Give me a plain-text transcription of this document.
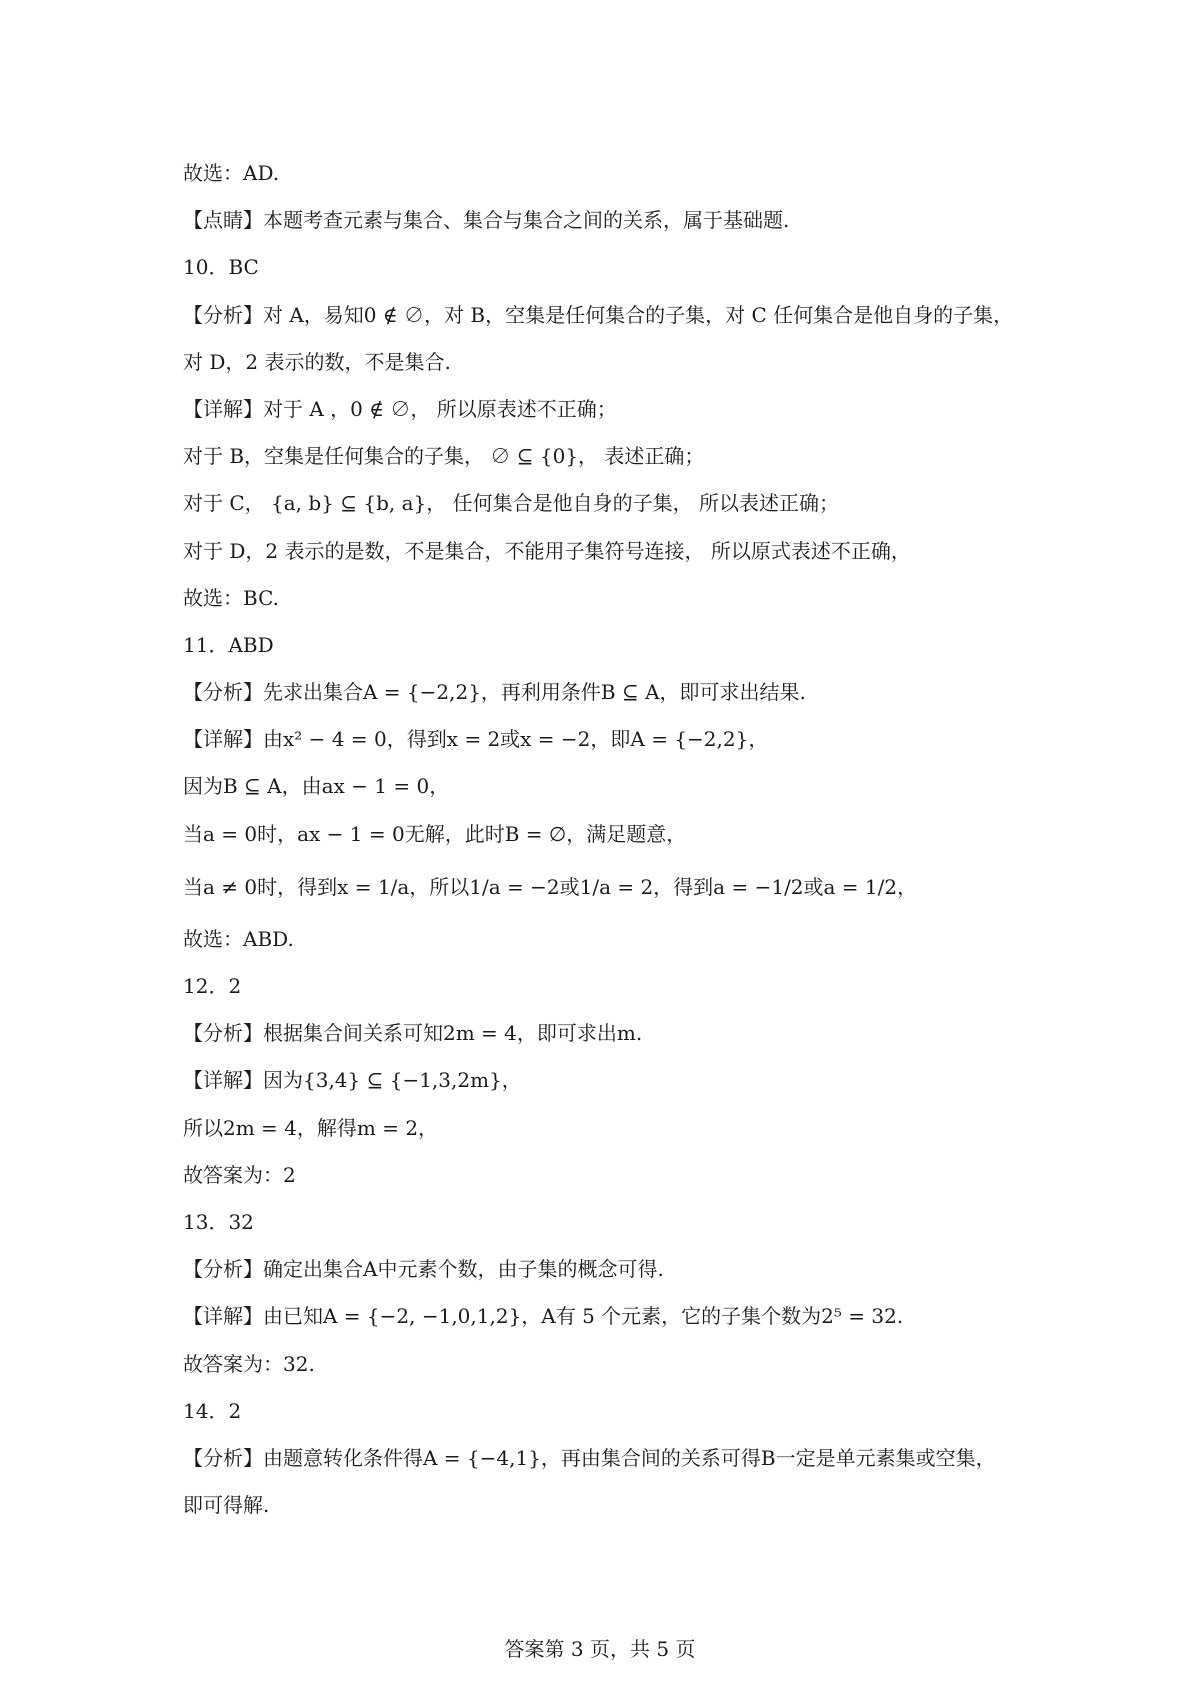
故选：AD.
【点睛】本题考查元素与集合、集合与集合之间的关系，属于基础题.
10．BC
【分析】对 A，易知0 ∉ ∅，对 B，空集是任何集合的子集，对 C 任何集合是他自身的子集，
对 D，2 表示的数，不是集合.
【详解】对于 A ，0 ∉ ∅， 所以原表述不正确；
对于 B，空集是任何集合的子集， ∅ ⊆ {0}， 表述正确；
对于 C， {a, b} ⊆ {b, a}， 任何集合是他自身的子集， 所以表述正确；
对于 D，2 表示的是数，不是集合，不能用子集符号连接， 所以原式表述不正确，
故选：BC.
11．ABD
【分析】先求出集合A = {−2,2}，再利用条件B ⊆ A，即可求出结果.
【详解】由x² − 4 = 0，得到x = 2或x = −2，即A = {−2,2}，
因为B ⊆ A，由ax − 1 = 0，
当a = 0时，ax − 1 = 0无解，此时B = ∅，满足题意，
当a ≠ 0时，得到x = 1/a，所以1/a = −2或1/a = 2，得到a = −1/2或a = 1/2，
故选：ABD.
12．2
【分析】根据集合间关系可知2m = 4，即可求出m.
【详解】因为{3,4} ⊆ {−1,3,2m}，
所以2m = 4，解得m = 2，
故答案为：2
13．32
【分析】确定出集合A中元素个数，由子集的概念可得.
【详解】由已知A = {−2, −1,0,1,2}，A有 5 个元素，它的子集个数为2⁵ = 32.
故答案为：32.
14．2
【分析】由题意转化条件得A = {−4,1}，再由集合间的关系可得B一定是单元素集或空集，
即可得解.
答案第 3 页，共 5 页
